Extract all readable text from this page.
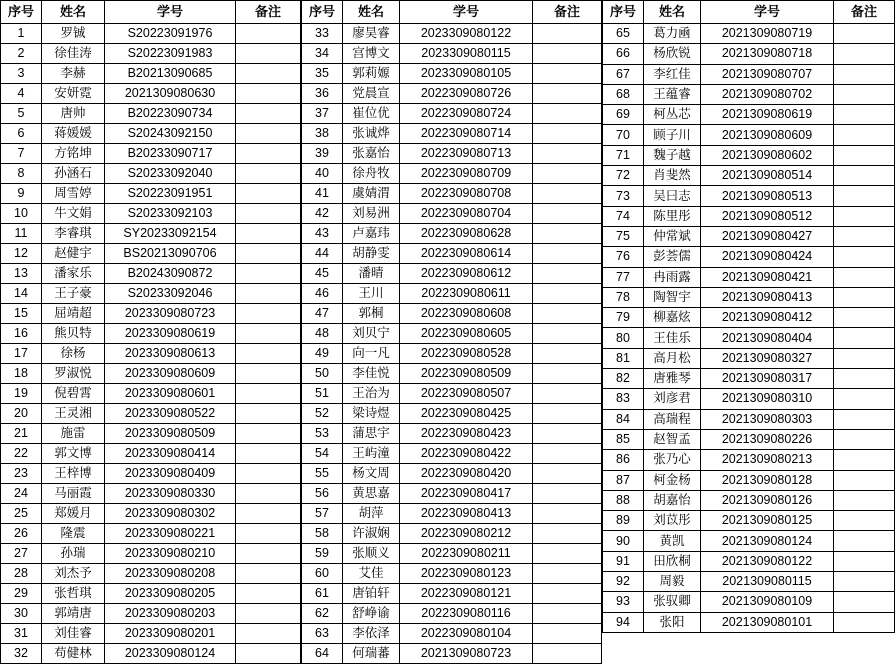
序号	姓名	学号	备注
1	罗铖	S20223091976	
2	徐佳涛	S20223091983	
3	李赫	B20213090685	
4	安妍霓	2021309080630	
5	唐帅	B20223090734	
6	蒋媛媛	S20243092150	
7	方铭坤	B20233090717	
8	孙涵石	S20233092040	
9	周雪婷	S20223091951	
10	牛文娟	S20233092103	
11	李睿琪	SY20233092154	
12	赵健宇	BS20213090706	
13	潘家乐	B20243090872	
14	王子豪	S20233092046	
15	屈靖超	2023309080723	
16	熊贝特	2023309080619	
17	徐杨	2023309080613	
18	罗淑悦	2023309080609	
19	倪碧霄	2023309080601	
20	王灵湘	2023309080522	
21	施雷	2023309080509	
22	郭文博	2023309080414	
23	王梓博	2023309080409	
24	马丽霞	2023309080330	
25	郑媛月	2023309080302	
26	隆震	2023309080221	
27	孙瑞	2023309080210	
28	刘杰予	2023309080208	
29	张哲琪	2023309080205	
30	郭靖唐	2023309080203	
31	刘佳睿	2023309080201	
32	苟健林	2023309080124	
序号	姓名	学号	备注
33	廖昊睿	2023309080122	
34	宫博文	2023309080115	
35	郭莉嫄	2023309080105	
36	党晨宣	2022309080726	
37	崔位优	2022309080724	
38	张诚烨	2022309080714	
39	张嘉怡	2022309080713	
40	徐舟牧	2022309080709	
41	虞婧渭	2022309080708	
42	刘易洲	2022309080704	
43	卢嘉玮	2022309080628	
44	胡静雯	2022309080614	
45	潘晴	2022309080612	
46	王川	2022309080611	
47	郭桐	2022309080608	
48	刘贝宁	2022309080605	
49	向一凡	2022309080528	
50	李佳悦	2022309080509	
51	王治为	2022309080507	
52	梁诗煜	2022309080425	
53	蒲思宇	2022309080423	
54	王屿潼	2022309080422	
55	杨文周	2022309080420	
56	黄思嘉	2022309080417	
57	胡萍	2022309080413	
58	许淑娴	2022309080212	
59	张顺义	2022309080211	
60	艾佳	2022309080123	
61	唐铂轩	2022309080121	
62	舒峥谕	2022309080116	
63	李依泽	2022309080104	
64	何瑞蕃	2021309080723	
序号	姓名	学号	备注
65	葛力凾	2021309080719	
66	杨欣锐	2021309080718	
67	李红佳	2021309080707	
68	王蕴睿	2021309080702	
69	柯丛芯	2021309080619	
70	顾子川	2021309080609	
71	魏子越	2021309080602	
72	肖斐然	2021309080514	
73	吴曰志	2021309080513	
74	陈里彤	2021309080512	
75	仲常斌	2021309080427	
76	彭荟儒	2021309080424	
77	冉雨露	2021309080421	
78	陶智宇	2021309080413	
79	柳嘉炫	2021309080412	
80	王佳乐	2021309080404	
81	高月松	2021309080327	
82	唐雅琴	2021309080317	
83	刘彦君	2021309080310	
84	高瑞程	2021309080303	
85	赵智孟	2021309080226	
86	张乃心	2021309080213	
87	柯金杨	2021309080128	
88	胡嘉怡	2021309080126	
89	刘苡彤	2021309080125	
90	黄凯	2021309080124	
91	田欣桐	2021309080122	
92	周毅	2021309080115	
93	张驭卿	2021309080109	
94	张阳	2021309080101	
